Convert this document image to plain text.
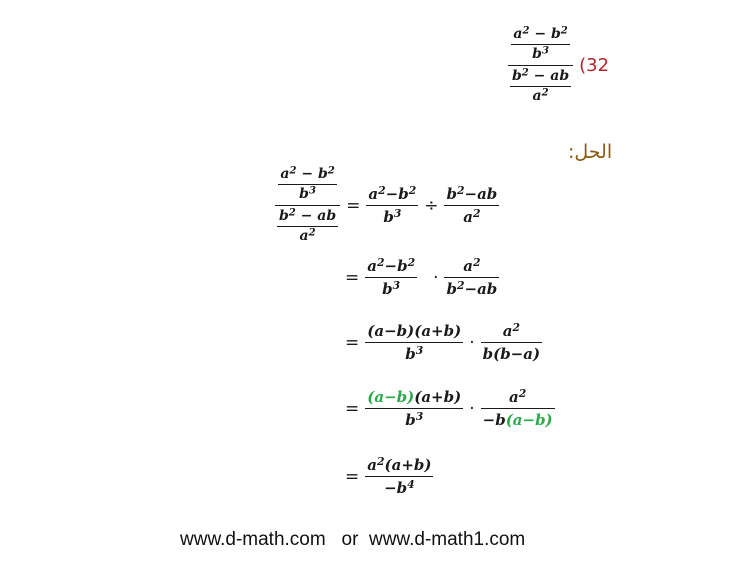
$\frac{\frac{a^2 - b^2}{b^3}}{\frac{b^2 - ab}{a^2}} (32$
الحل:
$\frac{\frac{a^2 - b^2}{b^3}}{\frac{b^2 - ab}{a^2}} = \frac{a^2-b^2}{b^3} \div \frac{b^2-ab}{a^2}$
= $\frac{a^2-b^2}{b^3} \cdot \frac{a^2}{b^2-ab}$
= $\frac{(a-b)(a+b)}{b^3} \cdot \frac{a^2}{b(b-a)}$
= $\frac{(a-b)(a+b)}{b^3} \cdot \frac{a^2}{-b(a-b)}$
= $\frac{a^2(a+b)}{-b^4}$
www.d-math.com   or  www.d-math1.com
